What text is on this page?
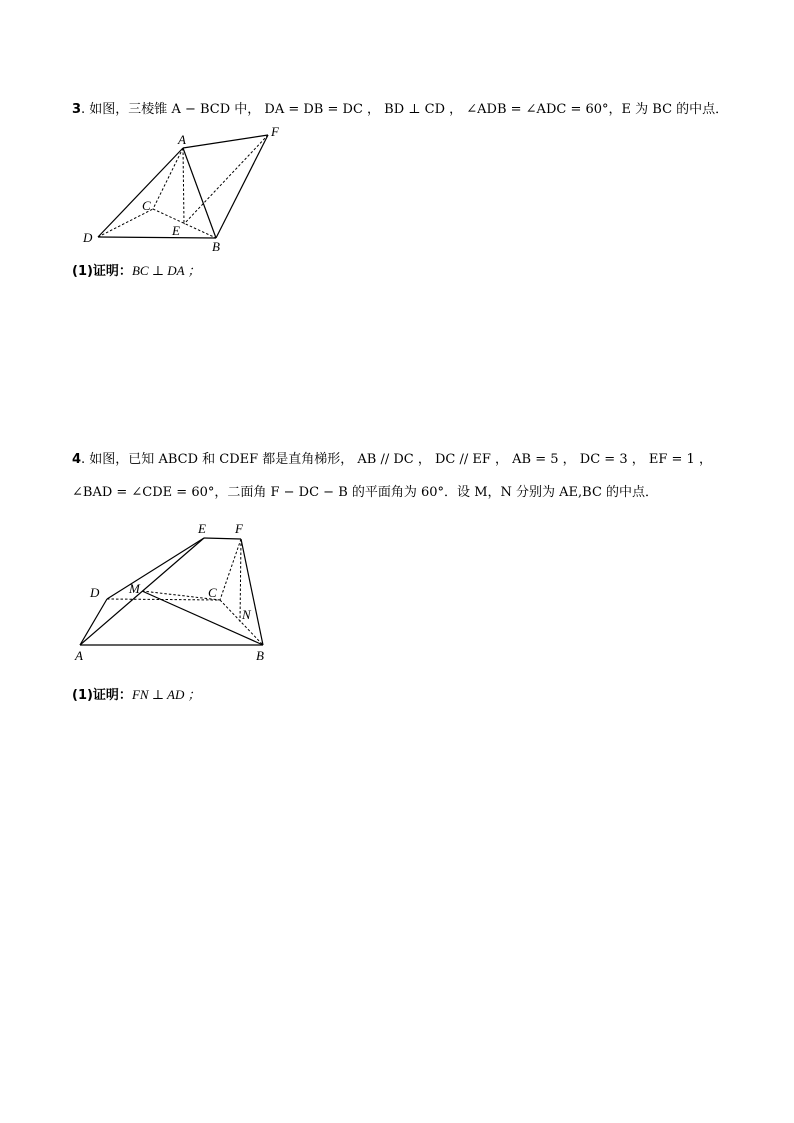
3. 如图，三棱锥 A − BCD 中， DA = DB = DC ， BD ⊥ CD ， ∠ADB = ∠ADC = 60°，E 为 BC 的中点．
A
F
C
D	E
B
(1)证明：BC ⊥ DA ；
4. 如图，已知 ABCD 和 CDEF 都是直角梯形， AB // DC ， DC // EF ， AB = 5 ， DC = 3 ， EF = 1 ，
∠BAD = ∠CDE = 60°，二面角 F − DC − B 的平面角为 60°．设 M，N 分别为 AE,BC 的中点．
E F
D M	C
N
A	B
(1)证明：FN ⊥ AD ；
